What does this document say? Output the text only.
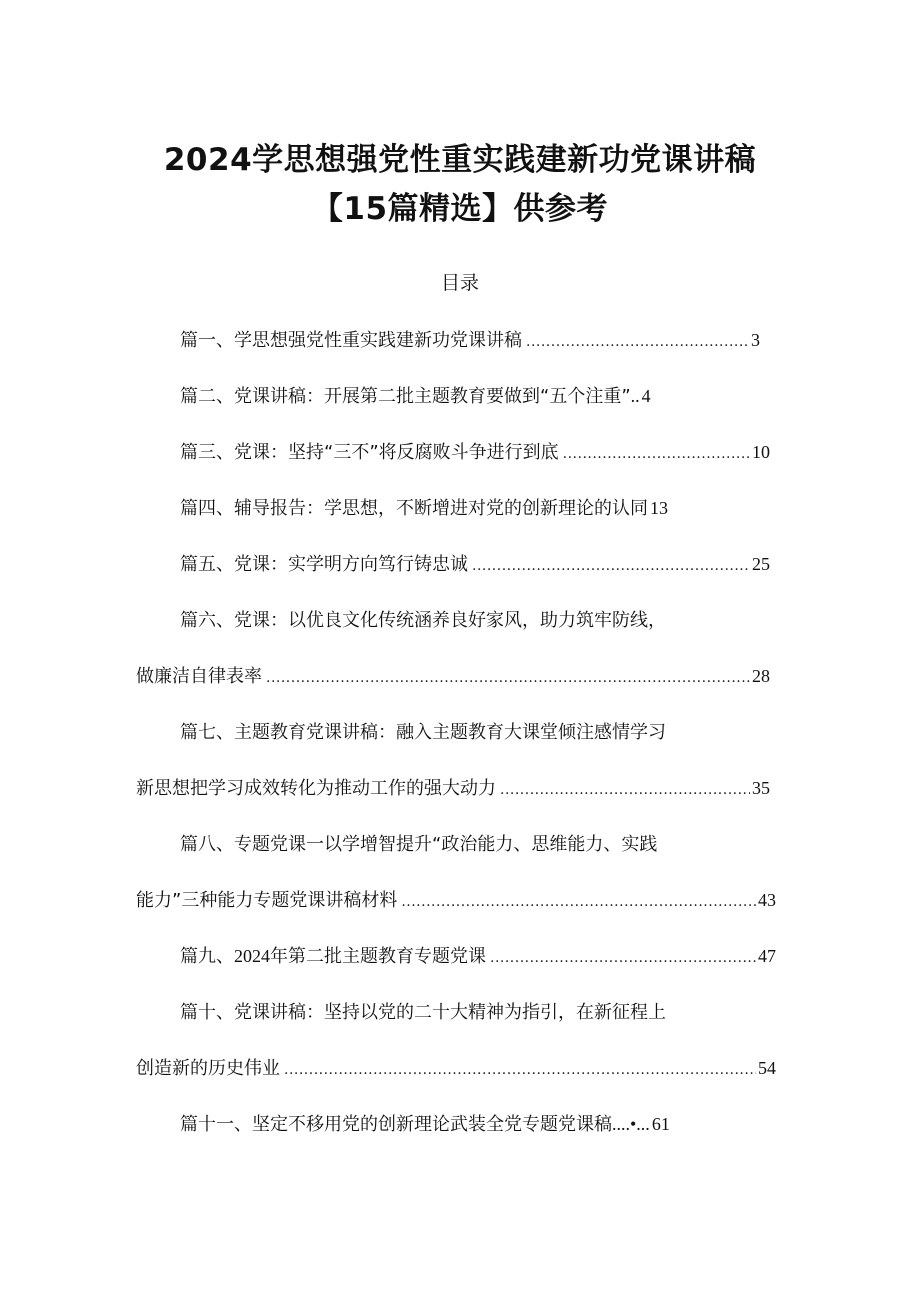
2024学思想强党性重实践建新功党课讲稿
【15篇精选】供参考
目录
篇一、学思想强党性重实践建新功党课讲稿 .....	3
篇二、党课讲稿：开展第二批主题教育要做到“五个注重” .. 4
篇三、党课：坚持“三不”将反腐败斗争进行到底 .....	10
篇四、辅导报告：学思想，不断增进对党的创新理论的认同 13
篇五、党课：实学明方向笃行铸忠诚 .....	25
篇六、党课：以优良文化传统涵养良好家风，助力筑牢防线，
做廉洁自律表率 .....	28
篇七、主题教育党课讲稿：融入主题教育大课堂倾注感情学习
新思想把学习成效转化为推动工作的强大动力 .....	35
篇八、专题党课一以学增智提升“政治能力、思维能力、实践
能力”三种能力专题党课讲稿材料 .....	43
篇九、 2024 年第二批主题教育专题党课 .....	47
篇十、党课讲稿：坚持以党的二十大精神为指引，在新征程上
创造新的历史伟业 .....	54
篇十一、坚定不移用党的创新理论武装全党专题党课稿 ....•... 61
